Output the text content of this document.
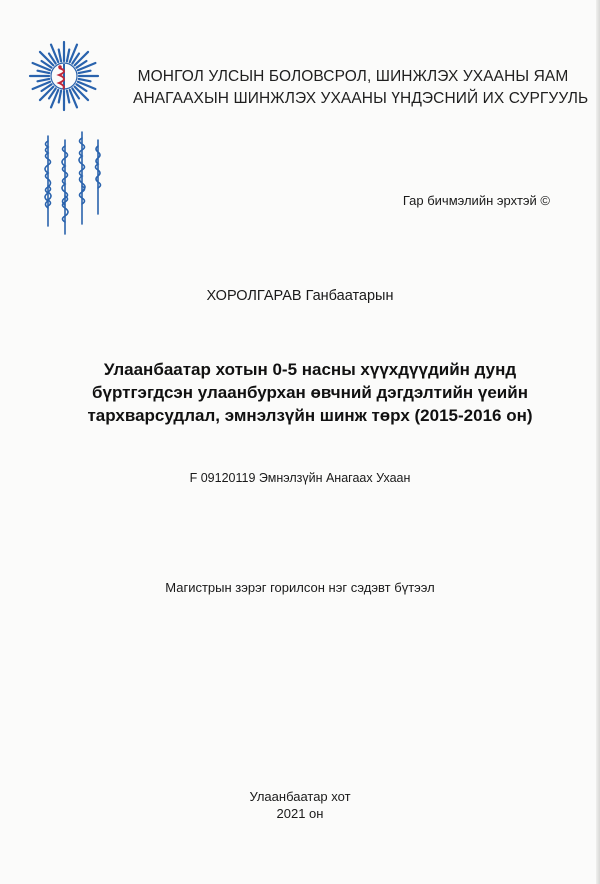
МОНГОЛ УЛСЫН БОЛОВСРОЛ, ШИНЖЛЭХ УХААНЫ ЯАМ
АНАГААХЫН ШИНЖЛЭХ УХААНЫ ҮНДЭСНИЙ ИХ СУРГУУЛЬ
Гар бичмэлийн эрхтэй ©
ХОРОЛГАРАВ Ганбаатарын
Улаанбаатар хотын 0-5 насны хүүхдүүдийн дунд
бүртгэгдсэн улаанбурхан өвчний дэгдэлтийн үеийн
тархварсудлал, эмнэлзүйн шинж төрх (2015-2016 он)
F 09120119 Эмнэлзүйн Анагаах Ухаан
Магистрын зэрэг горилсон нэг сэдэвт бүтээл
Улаанбаатар хот
2021 он
